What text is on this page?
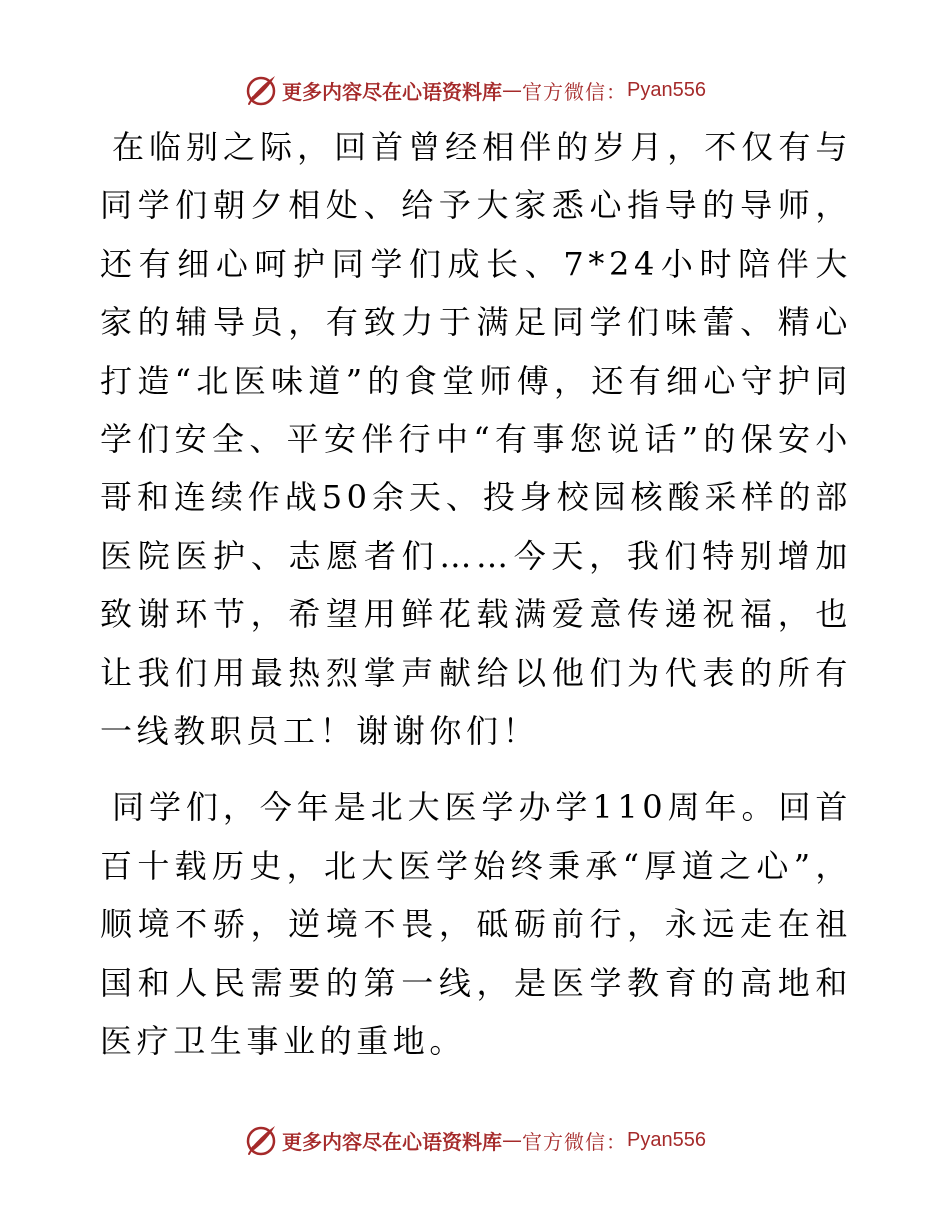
更多内容尽在心语资料库 — 官方微信： Pyan556

在临别之际，回首曾经相伴的岁月，不仅有与同学们朝夕相处、给予大家悉心指导的导师，还有细心呵护同学们成长、7*24小时陪伴大家的辅导员，有致力于满足同学们味蕾、精心打造“北医味道”的食堂师傅，还有细心守护同学们安全、平安伴行中“有事您说话”的保安小哥和连续作战50余天、投身校园核酸采样的部医院医护、志愿者们……今天，我们特别增加致谢环节，希望用鲜花载满爱意传递祝福，也让我们用最热烈掌声献给以他们为代表的所有一线教职员工！谢谢你们！

同学们，今年是北大医学办学110周年。回首百十载历史，北大医学始终秉承“厚道之心”，顺境不骄，逆境不畏，砥砺前行，永远走在祖国和人民需要的第一线，是医学教育的高地和医疗卫生事业的重地。

更多内容尽在心语资料库 — 官方微信： Pyan556
